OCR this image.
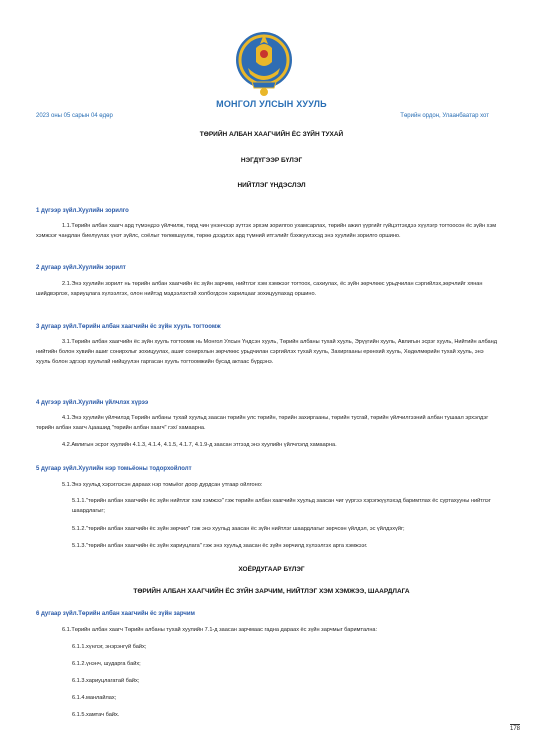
МОНГОЛ УЛСЫН ХУУЛЬ
2023 оны 05 сарын 04 өдөр	Төрийн ордон, Улаанбаатар хот
ТӨРИЙН АЛБАН ХААГЧИЙН ЁС ЗҮЙН ТУХАЙ
НЭГДҮГЭЭР БҮЛЭГ
НИЙТЛЭГ ҮНДЭСЛЭЛ
1 дүгээр зүйл.Хуулийн зорилго

1.1.Төрийн албан хаагч ард түмэндээ үйлчилж, төрд чин үнэнчээр зүтгэх эрхэм зорилгоо ухамсарлах, төрийн ажил үүргийг гүйцэтгэхдээ хүүлэгр тогтоосон ёс зүйн хэм хэмжээг чандлан биелүүлах үнэт зүйлс, соёлыг төлөвшүүлж, төрөө дээдлэх ард түмний итгэлийг бэхжүүлэхэд энэ хуулийн зорилго оршино.

2 дугаар зүйл.Хуулийн зорилт

2.1.Энэ хуулийн зорилт нь төрийн албан хаагчийн ёс зүйн зарчим, нийтлэг хэм хэмжээг тогтоох, сахиулах, ёс зүйн зөрчлөөс урьдчилан сэргийлэх,зөрчлийг хянан шийдвэрлэх, хариуцлага хүлээлгэх, олон нийтэд мэдээлэхтэй холбогдсон харилцааг зохицуулахад оршино.

3 дугаар зүйл.Төрийн албан хаагчийн ёс зүйн хууль тогтоомж

3.1.Төрийн албан хаагчийн ёс зүйн хууль тогтоомж нь Монгол Улсын Үндсэн хууль, Төрийн албаны тухай хууль, Эрүүгийн хууль, Авлигын эсрэг хууль, Нийтийн албанд нийтийн болон хувийн ашиг сонирхлыг зохицуулах, ашиг сонирхлын зөрчлөөс урьдчилан сэргийлэх тухай хууль, Захиргааны ерөнхий хууль, Хөдөлмөрийн тухай хууль, энэ хууль болон эдгээр хуультай нийцүүлэн гаргасан хууль тогтоомжийн бусад актаас бүрдэнэ.

4 дүгээр зүйл.Хуулийн үйлчлэх хүрээ

4.1.Энэ хуулийн үйлчилэд Төрийн албаны тухай хуульд заасан төрийн улс төрийн, төрийн захиргааны, төрийн тусгай, төрийн үйлчилгээний албан тушаал эрхэлдэг төрийн албан хаагч /цаашид "төрийн албан хаагч" гэх/ хамаарна.

4.2.Авлигын эсрэг хуулийн 4.1.3, 4.1.4, 4.1.5, 4.1.7, 4.1.9-д заасан этгээд энэ хуулийн үйлчлэлд хамаарна.

5 дугаар зүйл.Хуулийн нэр томьёоны тодорхойлолт

5.1.Энэ хуульд хэрэглэсэн дараах нэр томьёог доор дурдсан утгаар ойлгоно:

5.1.1."төрийн албан хаагчийн ёс зүйн нийтлэг хэм хэмжээ" гэж төрийн албан хаагчийн хуульд заасан чиг үүргээ хэрэгжүүлэхэд баримтлах ёс суртахууны нийтлэг шаардлагыг;

5.1.2."төрийн албан хаагчийн ёс зүйн зөрчил" гэж энэ хуульд заасан ёс зүйн нийтлэг шаардлагыг зөрчсөн үйлдэл, эс үйлдэхүйг;

5.1.3."төрийн албан хаагчийн ёс зүйн хариуцлага" гэж энэ хуульд заасан ёс зүйн зөрчилд хүлээлгэх арга хэмжээг.

ХОЁРДУГААР БҮЛЭГ
ТӨРИЙН АЛБАН ХААГЧИЙН ЁС ЗҮЙН ЗАРЧИМ, НИЙТЛЭГ ХЭМ ХЭМЖЭЭ, ШААРДЛАГА
6 дугаар зүйл.Төрийн албан хаагчийн ёс зүйн зарчим

6.1.Төрийн албан хаагч Төрийн албаны тухай хуулийн 7.1-д заасан зарчмаас гадна дараах ёс зүйн зарчмыг баримтална:

6.1.1.хүнлэг, энэрэнгүй байх;
6.1.2.үнэнч, шударга байх;
6.1.3.хариуцлагатай байх;
6.1.4.манлайлах;
6.1.5.хамтач байх.
178
